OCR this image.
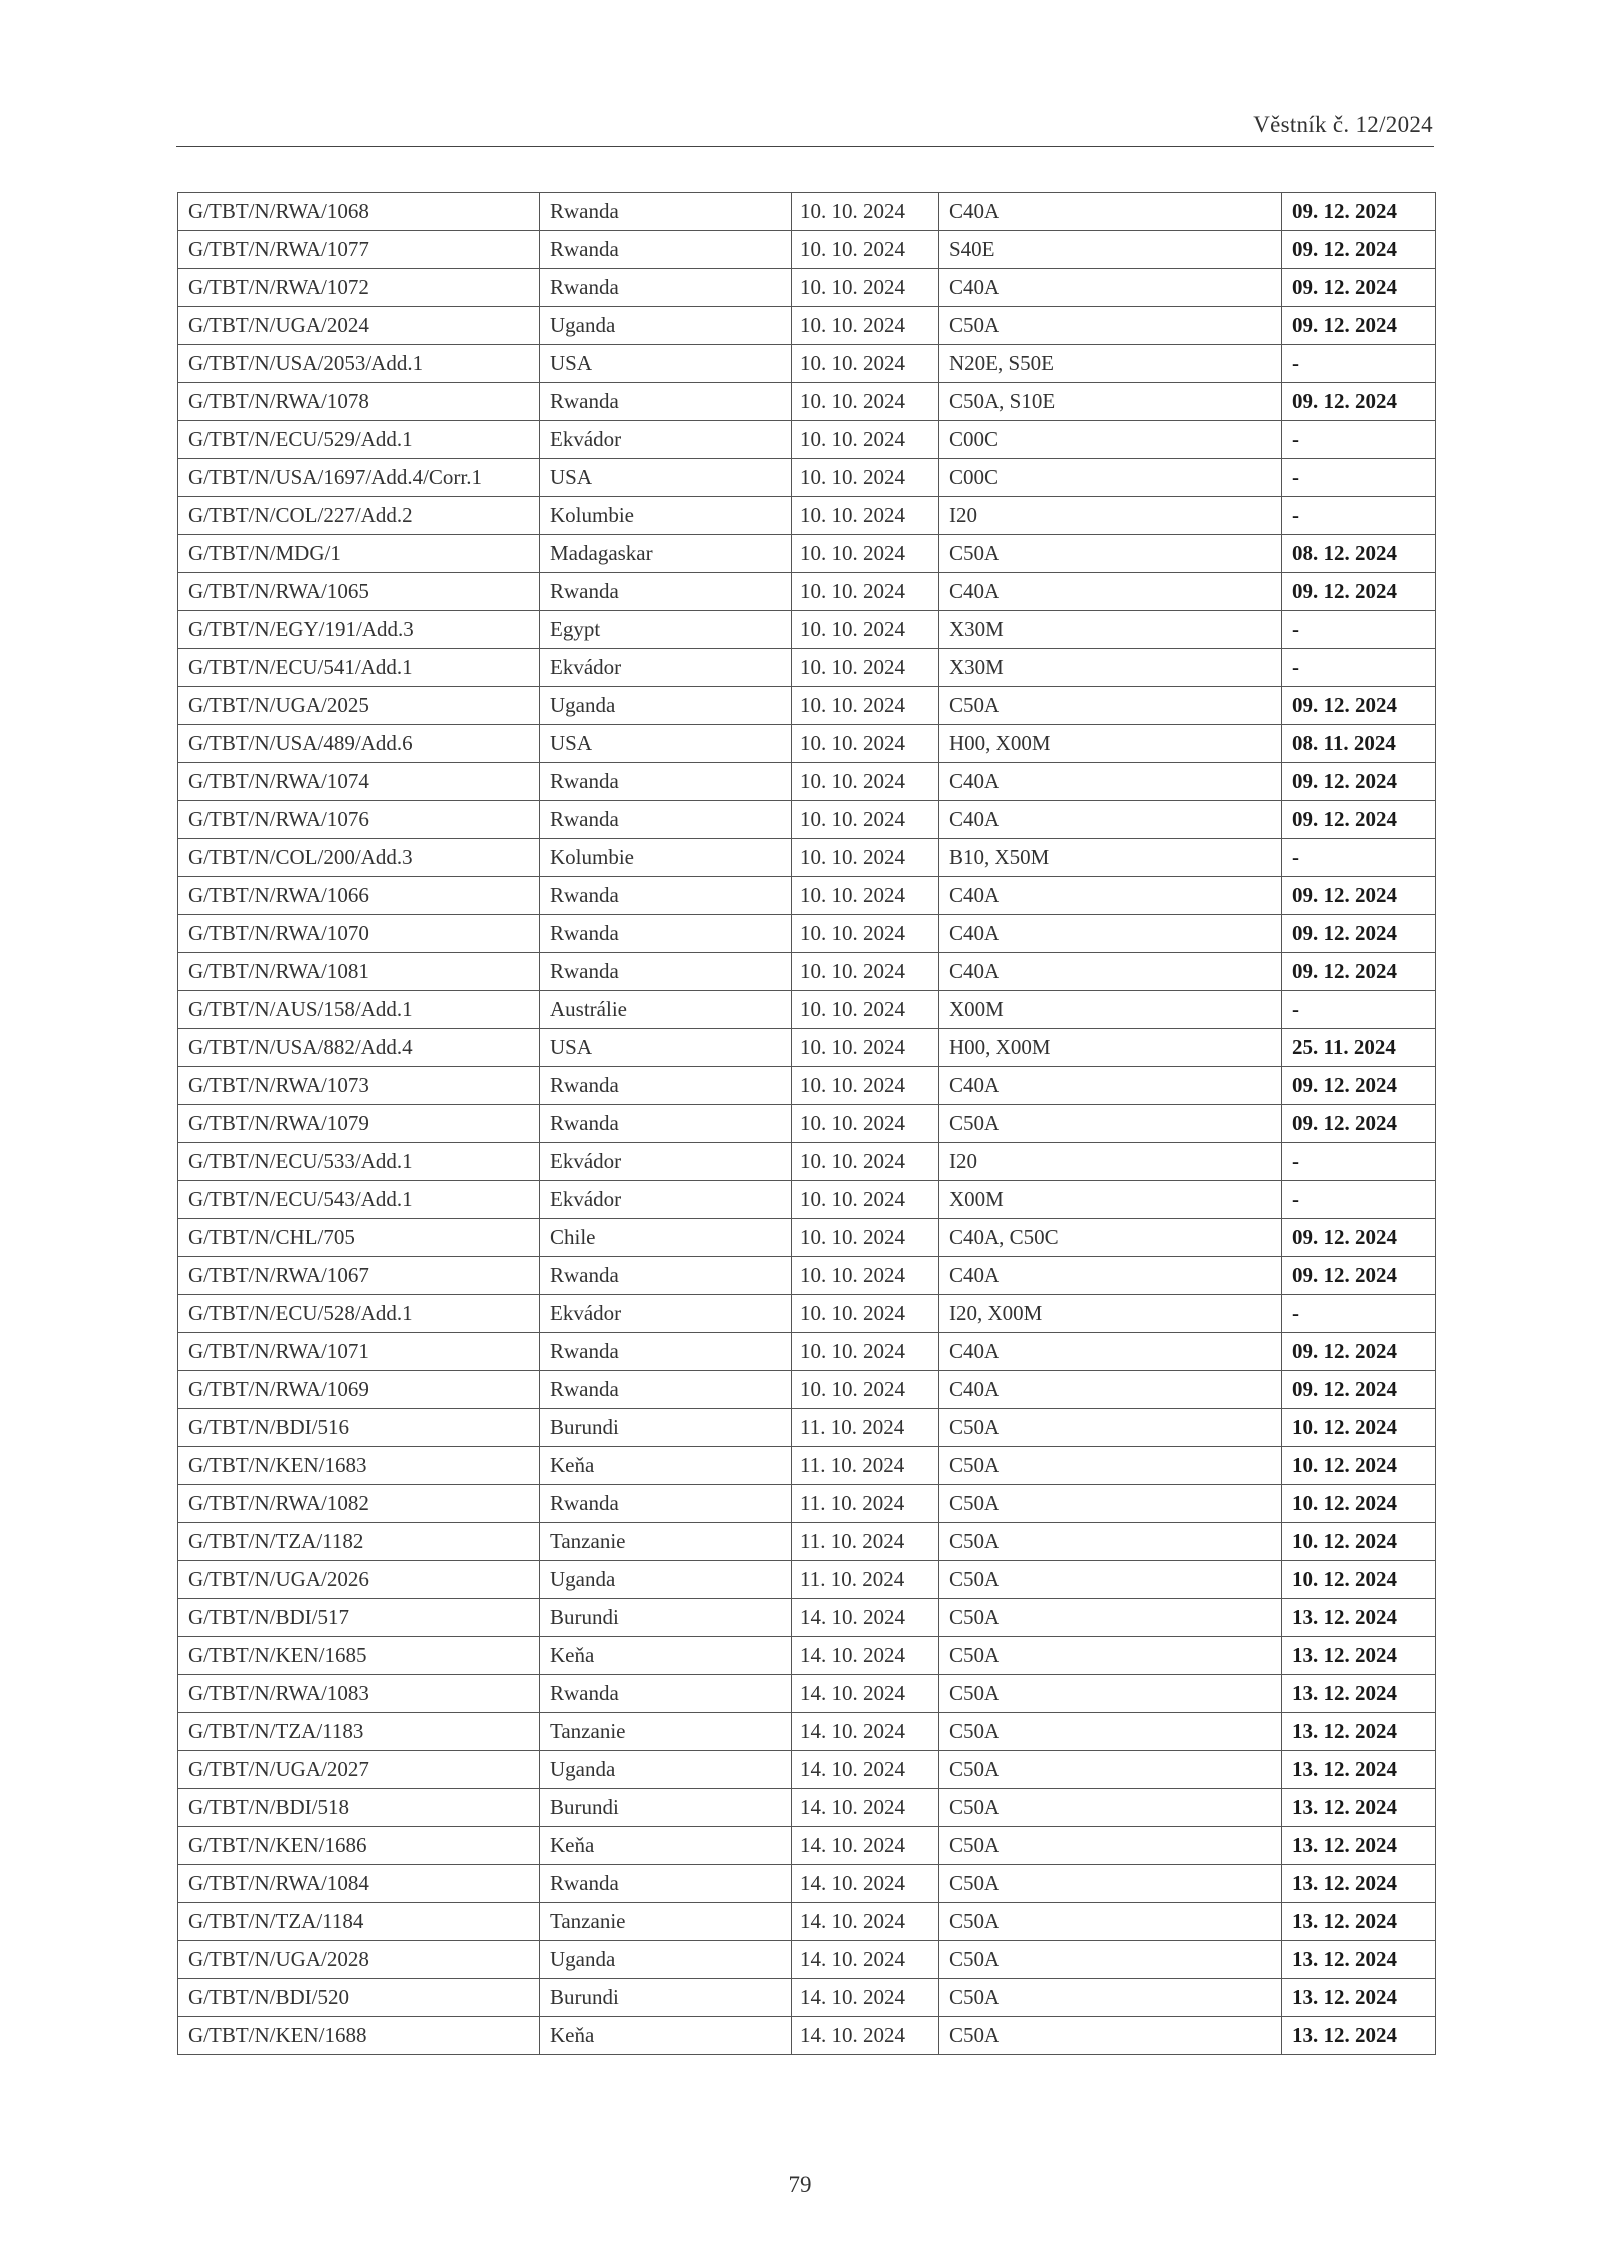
Věstník č. 12/2024
G/TBT/N/RWA/1068	Rwanda	10. 10. 2024	C40A	09. 12. 2024
G/TBT/N/RWA/1077	Rwanda	10. 10. 2024	S40E	09. 12. 2024
G/TBT/N/RWA/1072	Rwanda	10. 10. 2024	C40A	09. 12. 2024
G/TBT/N/UGA/2024	Uganda	10. 10. 2024	C50A	09. 12. 2024
G/TBT/N/USA/2053/Add.1	USA	10. 10. 2024	N20E, S50E	-
G/TBT/N/RWA/1078	Rwanda	10. 10. 2024	C50A, S10E	09. 12. 2024
G/TBT/N/ECU/529/Add.1	Ekvádor	10. 10. 2024	C00C	-
G/TBT/N/USA/1697/Add.4/Corr.1	USA	10. 10. 2024	C00C	-
G/TBT/N/COL/227/Add.2	Kolumbie	10. 10. 2024	I20	-
G/TBT/N/MDG/1	Madagaskar	10. 10. 2024	C50A	08. 12. 2024
G/TBT/N/RWA/1065	Rwanda	10. 10. 2024	C40A	09. 12. 2024
G/TBT/N/EGY/191/Add.3	Egypt	10. 10. 2024	X30M	-
G/TBT/N/ECU/541/Add.1	Ekvádor	10. 10. 2024	X30M	-
G/TBT/N/UGA/2025	Uganda	10. 10. 2024	C50A	09. 12. 2024
G/TBT/N/USA/489/Add.6	USA	10. 10. 2024	H00, X00M	08. 11. 2024
G/TBT/N/RWA/1074	Rwanda	10. 10. 2024	C40A	09. 12. 2024
G/TBT/N/RWA/1076	Rwanda	10. 10. 2024	C40A	09. 12. 2024
G/TBT/N/COL/200/Add.3	Kolumbie	10. 10. 2024	B10, X50M	-
G/TBT/N/RWA/1066	Rwanda	10. 10. 2024	C40A	09. 12. 2024
G/TBT/N/RWA/1070	Rwanda	10. 10. 2024	C40A	09. 12. 2024
G/TBT/N/RWA/1081	Rwanda	10. 10. 2024	C40A	09. 12. 2024
G/TBT/N/AUS/158/Add.1	Austrálie	10. 10. 2024	X00M	-
G/TBT/N/USA/882/Add.4	USA	10. 10. 2024	H00, X00M	25. 11. 2024
G/TBT/N/RWA/1073	Rwanda	10. 10. 2024	C40A	09. 12. 2024
G/TBT/N/RWA/1079	Rwanda	10. 10. 2024	C50A	09. 12. 2024
G/TBT/N/ECU/533/Add.1	Ekvádor	10. 10. 2024	I20	-
G/TBT/N/ECU/543/Add.1	Ekvádor	10. 10. 2024	X00M	-
G/TBT/N/CHL/705	Chile	10. 10. 2024	C40A, C50C	09. 12. 2024
G/TBT/N/RWA/1067	Rwanda	10. 10. 2024	C40A	09. 12. 2024
G/TBT/N/ECU/528/Add.1	Ekvádor	10. 10. 2024	I20, X00M	-
G/TBT/N/RWA/1071	Rwanda	10. 10. 2024	C40A	09. 12. 2024
G/TBT/N/RWA/1069	Rwanda	10. 10. 2024	C40A	09. 12. 2024
G/TBT/N/BDI/516	Burundi	11. 10. 2024	C50A	10. 12. 2024
G/TBT/N/KEN/1683	Keňa	11. 10. 2024	C50A	10. 12. 2024
G/TBT/N/RWA/1082	Rwanda	11. 10. 2024	C50A	10. 12. 2024
G/TBT/N/TZA/1182	Tanzanie	11. 10. 2024	C50A	10. 12. 2024
G/TBT/N/UGA/2026	Uganda	11. 10. 2024	C50A	10. 12. 2024
G/TBT/N/BDI/517	Burundi	14. 10. 2024	C50A	13. 12. 2024
G/TBT/N/KEN/1685	Keňa	14. 10. 2024	C50A	13. 12. 2024
G/TBT/N/RWA/1083	Rwanda	14. 10. 2024	C50A	13. 12. 2024
G/TBT/N/TZA/1183	Tanzanie	14. 10. 2024	C50A	13. 12. 2024
G/TBT/N/UGA/2027	Uganda	14. 10. 2024	C50A	13. 12. 2024
G/TBT/N/BDI/518	Burundi	14. 10. 2024	C50A	13. 12. 2024
G/TBT/N/KEN/1686	Keňa	14. 10. 2024	C50A	13. 12. 2024
G/TBT/N/RWA/1084	Rwanda	14. 10. 2024	C50A	13. 12. 2024
G/TBT/N/TZA/1184	Tanzanie	14. 10. 2024	C50A	13. 12. 2024
G/TBT/N/UGA/2028	Uganda	14. 10. 2024	C50A	13. 12. 2024
G/TBT/N/BDI/520	Burundi	14. 10. 2024	C50A	13. 12. 2024
G/TBT/N/KEN/1688	Keňa	14. 10. 2024	C50A	13. 12. 2024
79
